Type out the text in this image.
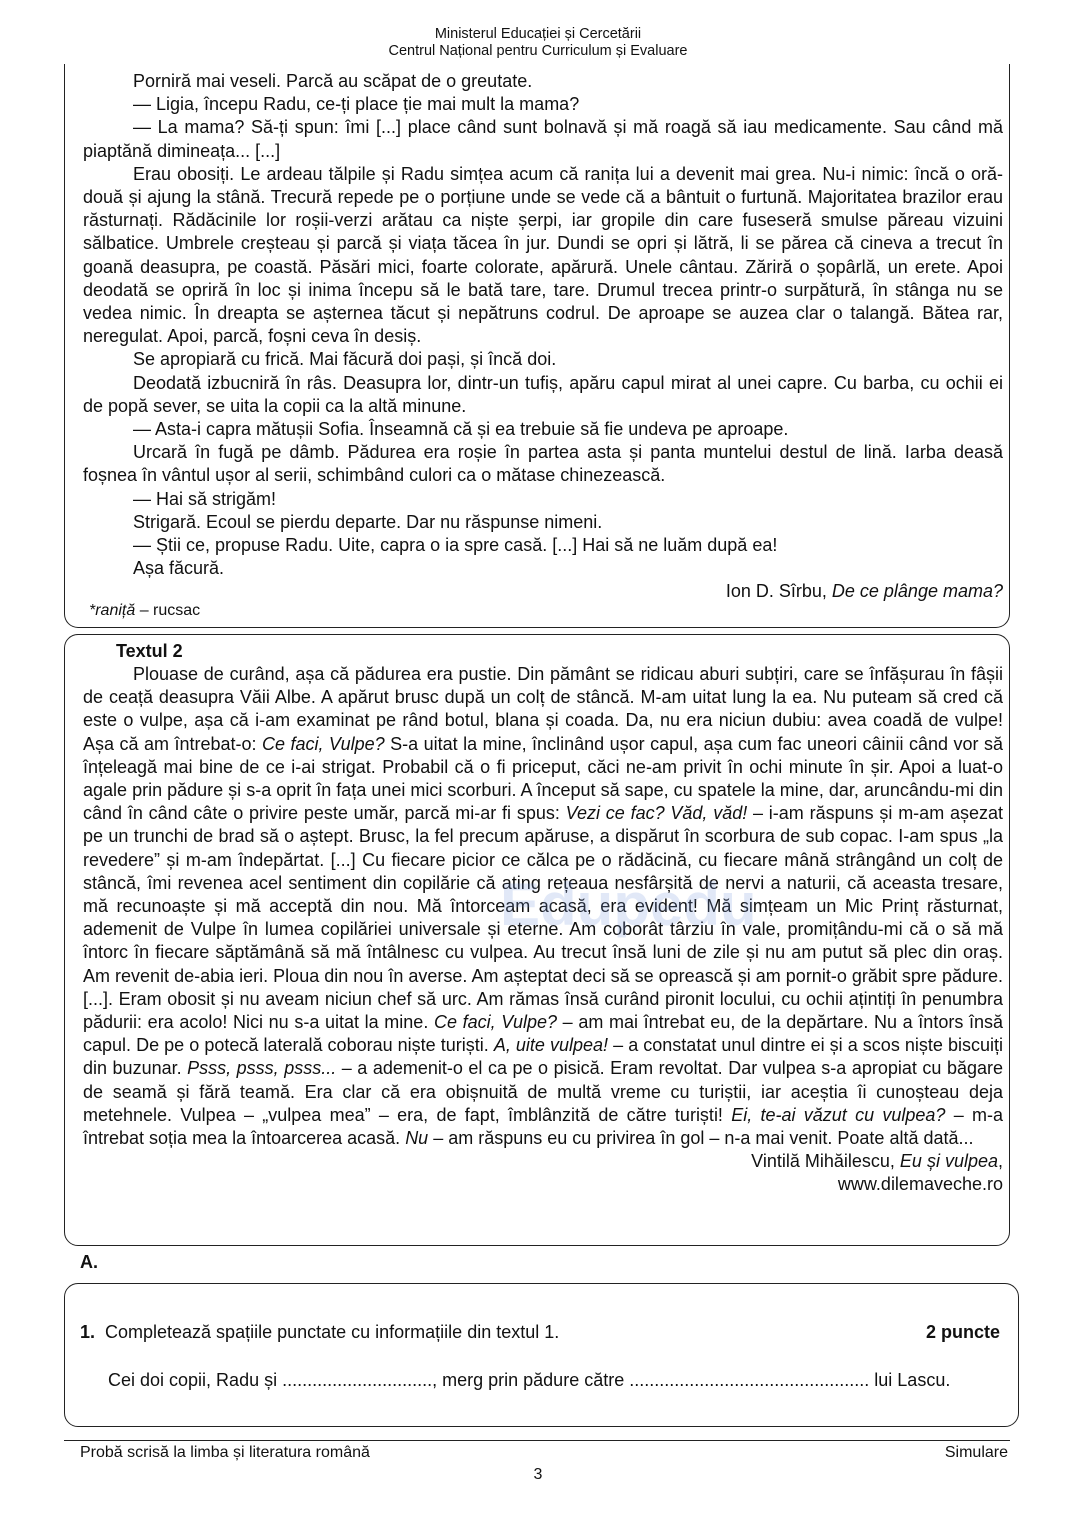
Ministerul Educației și Cercetării
Centrul Național pentru Curriculum și Evaluare

Porniră mai veseli. Parcă au scăpat de o greutate.

— Ligia, începu Radu, ce-ți place ție mai mult la mama?

— La mama? Să-ți spun: îmi [...] place când sunt bolnavă și mă roagă să iau medicamente. Sau când mă piaptănă dimineața... [...]

Erau obosiți. Le ardeau tălpile și Radu simțea acum că ranița lui a devenit mai grea. Nu-i nimic: încă o oră-două și ajung la stână. Trecură repede pe o porțiune unde se vede că a bântuit o furtună. Majoritatea brazilor erau răsturnați. Rădăcinile lor roșii-verzi arătau ca niște șerpi, iar gropile din care fuseseră smulse păreau vizuini sălbatice. Umbrele creșteau și parcă și viața tăcea în jur. Dundi se opri și lătră, li se părea că cineva a trecut în goană deasupra, pe coastă. Păsări mici, foarte colorate, apărură. Unele cântau. Zăriră o șopârlă, un erete. Apoi deodată se opriră în loc și inima începu să le bată tare, tare. Drumul trecea printr-o surpătură, în stânga nu se vedea nimic. În dreapta se așternea tăcut și nepătruns codrul. De aproape se auzea clar o talangă. Bătea rar, neregulat. Apoi, parcă, foșni ceva în desiș.

Se apropiară cu frică. Mai făcură doi pași, și încă doi.

Deodată izbucniră în râs. Deasupra lor, dintr-un tufiș, apăru capul mirat al unei capre. Cu barba, cu ochii ei de popă sever, se uita la copii ca la altă minune.

— Asta-i capra mătușii Sofia. Înseamnă că și ea trebuie să fie undeva pe aproape.

Urcară în fugă pe dâmb. Pădurea era roșie în partea asta și panta muntelui destul de lină. Iarba deasă foșnea în vântul ușor al serii, schimbând culori ca o mătase chinezească.

— Hai să strigăm!

Strigară. Ecoul se pierdu departe. Dar nu răspunse nimeni.

— Știi ce, propuse Radu. Uite, capra o ia spre casă. [...] Hai să ne luăm după ea!

Așa făcură.

Ion D. Sîrbu, De ce plânge mama?
*raniță – rucsac
Textul 2

Plouase de curând, așa că pădurea era pustie. Din pământ se ridicau aburi subțiri, care se înfășurau în fâșii de ceață deasupra Văii Albe. A apărut brusc după un colț de stâncă. M-am uitat lung la ea. Nu puteam să cred că este o vulpe, așa că i-am examinat pe rând botul, blana și coada. Da, nu era niciun dubiu: avea coadă de vulpe! Așa că am întrebat-o: Ce faci, Vulpe? S-a uitat la mine, înclinând ușor capul, așa cum fac uneori câinii când vor să înțeleagă mai bine de ce i-ai strigat. Probabil că o fi priceput, căci ne-am privit în ochi minute în șir. Apoi a luat-o agale prin pădure și s-a oprit în fața unei mici scorburi. A început să sape, cu spatele la mine, dar, aruncându-mi din când în când câte o privire peste umăr, parcă mi-ar fi spus: Vezi ce fac? Văd, văd! – i-am răspuns și m-am așezat pe un trunchi de brad să o aștept. Brusc, la fel precum apăruse, a dispărut în scorbura de sub copac. I-am spus „la revedere” și m-am îndepărtat. [...] Cu fiecare picior ce călca pe o rădăcină, cu fiecare mână strângând un colț de stâncă, îmi revenea acel sentiment din copilărie că ating rețeaua nesfârșită de nervi a naturii, că aceasta tresare, mă recunoaște și mă acceptă din nou. Mă întorceam acasă, era evident! Mă simțeam un Mic Prinț răsturnat, ademenit de Vulpe în lumea copilăriei universale și eterne. Am coborât târziu în vale, promițându-mi că o să mă întorc în fiecare săptămână să mă întâlnesc cu vulpea. Au trecut însă luni de zile și nu am putut să plec din oraș. Am revenit de-abia ieri. Ploua din nou în averse. Am așteptat deci să se oprească și am pornit-o grăbit spre pădure. [...]. Eram obosit și nu aveam niciun chef să urc. Am rămas însă curând pironit locului, cu ochii ațintiți în penumbra pădurii: era acolo! Nici nu s-a uitat la mine. Ce faci, Vulpe? – am mai întrebat eu, de la depărtare. Nu a întors însă capul. De pe o potecă laterală coborau niște turiști. A, uite vulpea! – a constatat unul dintre ei și a scos niște biscuiți din buzunar. Psss, psss, psss... – a ademenit-o el ca pe o pisică. Eram revoltat. Dar vulpea s-a apropiat cu băgare de seamă și fără teamă. Era clar că era obișnuită de multă vreme cu turiștii, iar aceștia îi cunoșteau deja metehnele. Vulpea – „vulpea mea” – era, de fapt, îmblânzită de către turiști! Ei, te-ai văzut cu vulpea? – m-a întrebat soția mea la întoarcerea acasă. Nu – am răspuns eu cu privirea în gol – n-a mai venit. Poate altă dată...

Vintilă Mihăilescu, Eu și vulpea,
www.dilemaveche.ro
Edupedu
A.
1. Completează spațiile punctate cu informațiile din textul 1.	2 puncte
Cei doi copii, Radu și .............................., merg prin pădure către ................................................ lui Lascu.
Probă scrisă la limba și literatura română	Simulare
3
